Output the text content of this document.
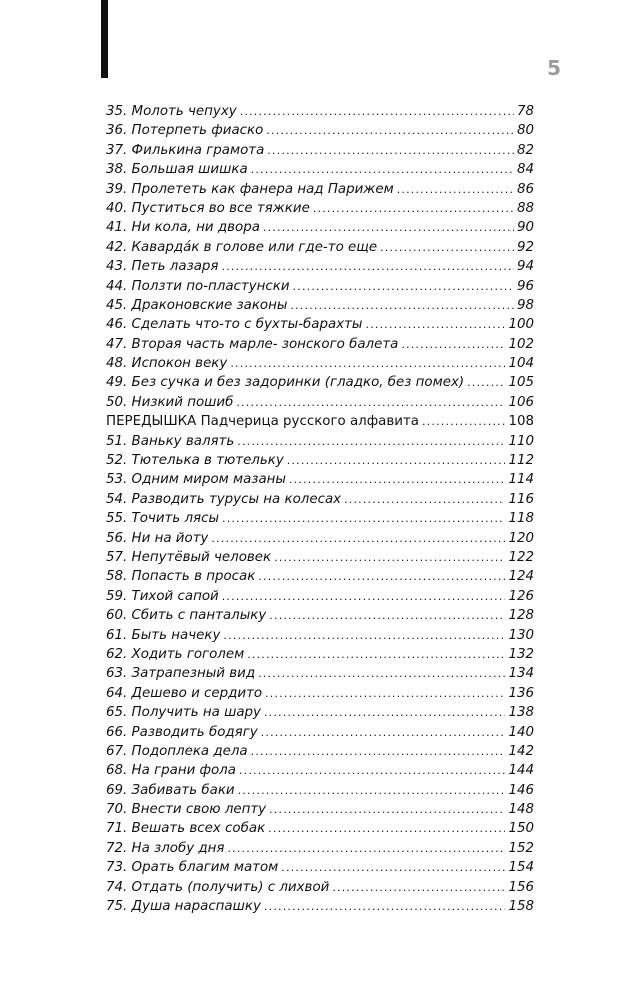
5
35. Молоть чепуху .....	78
36. Потерпеть фиаско .....	80
37. Филькина грамота .....	82
38. Большая шишка .....	84
39. Пролететь как фанера над Парижем .....	86
40. Пуститься во все тяжкие .....	88
41. Ни кола, ни двора .....	90
42. Кавардáк в голове или где-то еще .....	92
43. Петь лазаря .....	94
44. Ползти по-пластунски .....	96
45. Драконовские законы .....	98
46. Сделать что-то с бухты-барахты .....	100
47. Вторая часть марле- зонского балета .....	102
48. Испокон веку .....	104
49. Без сучка и без задоринки (гладко, без помех) .....	105
50. Низкий пошиб .....	106
ПЕРЕДЫШКА Падчерица русского алфавита .....	108
51. Ваньку валять .....	110
52. Тютелька в тютельку .....	112
53. Одним миром мазаны .....	114
54. Разводить турусы на колесах .....	116
55. Точить лясы .....	118
56. Ни на йоту .....	120
57. Непутёвый человек .....	122
58. Попасть в просак .....	124
59. Тихой сапой .....	126
60. Сбить с панталыку .....	128
61. Быть начеку .....	130
62. Ходить гоголем .....	132
63. Затрапезный вид .....	134
64. Дешево и сердито .....	136
65. Получить на шару .....	138
66. Разводить бодягу .....	140
67. Подоплека дела .....	142
68. На грани фола .....	144
69. Забивать баки .....	146
70. Внести свою лепту .....	148
71. Вешать всех собак .....	150
72. На злобу дня .....	152
73. Орать благим матом .....	154
74. Отдать (получить) с лихвой .....	156
75. Душа нараспашку .....	158
